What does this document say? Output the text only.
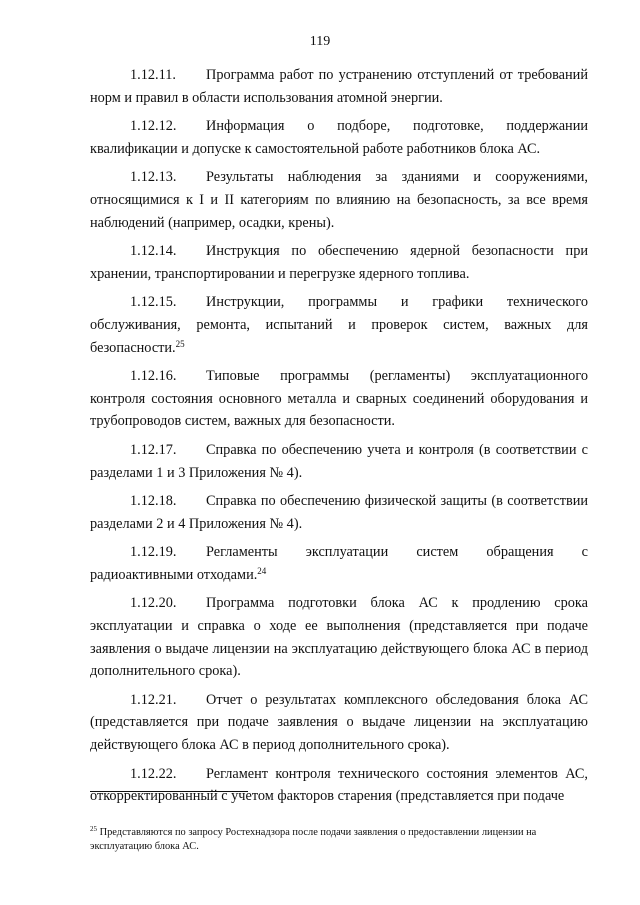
119

1.12.11. Программа работ по устранению отступлений от требований норм и правил в области использования атомной энергии.

1.12.12. Информация о подборе, подготовке, поддержании квалификации и допуске к самостоятельной работе работников блока АС.

1.12.13. Результаты наблюдения за зданиями и сооружениями, относящимися к I и II категориям по влиянию на безопасность, за все время наблюдений (например, осадки, крены).

1.12.14. Инструкция по обеспечению ядерной безопасности при хранении, транспортировании и перегрузке ядерного топлива.

1.12.15. Инструкции, программы и графики технического обслуживания, ремонта, испытаний и проверок систем, важных для безопасности.$^{25}$

1.12.16. Типовые программы (регламенты) эксплуатационного контроля состояния основного металла и сварных соединений оборудования и трубопроводов систем, важных для безопасности.

1.12.17. Справка по обеспечению учета и контроля (в соответствии с разделами 1 и 3 Приложения № 4).

1.12.18. Справка по обеспечению физической защиты (в соответствии разделами 2 и 4 Приложения № 4).

1.12.19. Регламенты эксплуатации систем обращения с радиоактивными отходами.$^{24}$

1.12.20. Программа подготовки блока АС к продлению срока эксплуатации и справка о ходе ее выполнения (представляется при подаче заявления о выдаче лицензии на эксплуатацию действующего блока АС в период дополнительного срока).

1.12.21. Отчет о результатах комплексного обследования блока АС (представляется при подаче заявления о выдаче лицензии на эксплуатацию действующего блока АС в период дополнительного срока).

1.12.22. Регламент контроля технического состояния элементов АС, откорректированный с учетом факторов старения (представляется при подаче

$^{25}$ Представляются по запросу Ростехнадзора после подачи заявления о предоставлении лицензии на эксплуатацию блока АС.
